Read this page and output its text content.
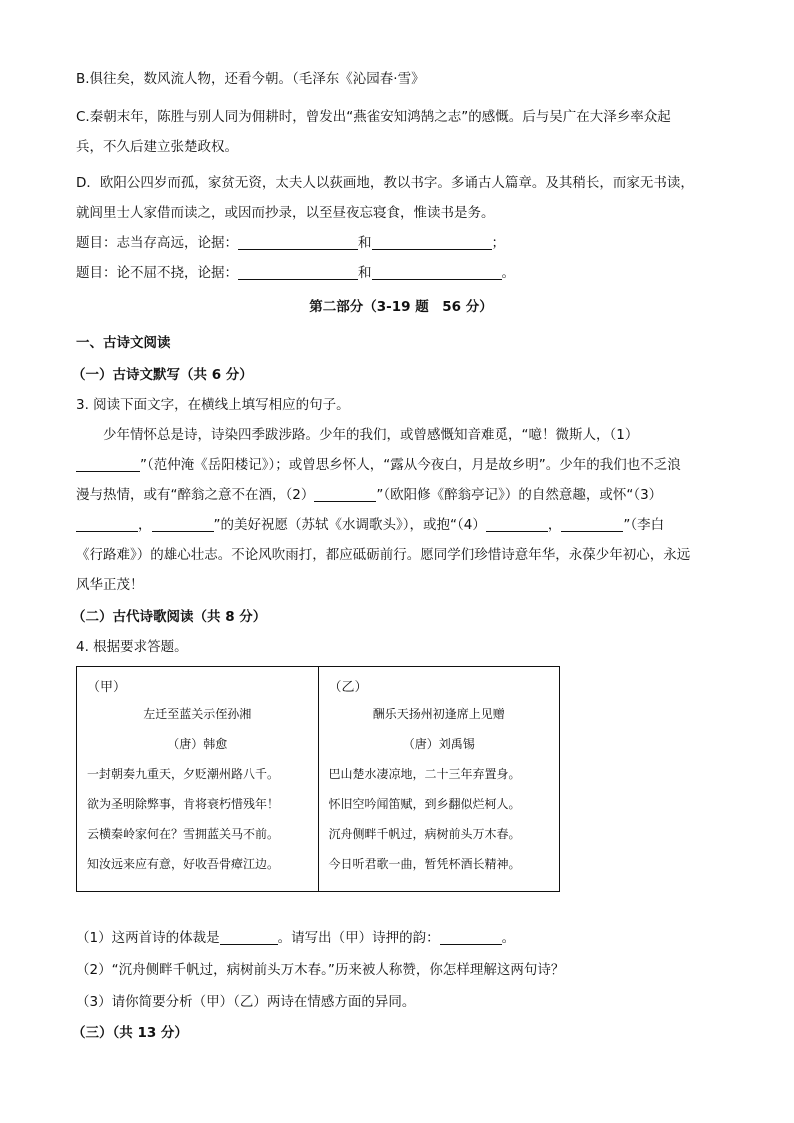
B.俱往矣，数风流人物，还看今朝。（毛泽东《沁园春·雪》

C.秦朝末年，陈胜与别人同为佣耕时，曾发出“燕雀安知鸿鹄之志”的感慨。后与吴广在大泽乡率众起

兵，不久后建立张楚政权。

D．欧阳公四岁而孤，家贫无资，太夫人以荻画地，教以书字。多诵古人篇章。及其稍长，而家无书读，

就闾里士人家借而读之，或因而抄录，以至昼夜忘寝食，惟读书是务。

题目：志当存高远，论据：	和	；

题目：论不屈不挠，论据：	和	。

第二部分（3-19 题　56 分）

一、古诗文阅读

（一）古诗文默写（共 6 分）

3. 阅读下面文字，在横线上填写相应的句子。

少年情怀总是诗，诗染四季跋涉路。少年的我们，或曾感慨知音难觅，“噫！微斯人，（1）

”（范仲淹《岳阳楼记》）；或曾思乡怀人，“露从今夜白，月是故乡明”。少年的我们也不乏浪

漫与热情，或有“醉翁之意不在酒，（2）	”（欧阳修《醉翁亭记》）的自然意趣，或怀“（3）

，	”的美好祝愿（苏轼《水调歌头》），或抱“（4）	，	”（李白

《行路难》）的雄心壮志。不论风吹雨打，都应砥砺前行。愿同学们珍惜诗意年华，永葆少年初心，永远

风华正茂！

（二）古代诗歌阅读（共 8 分）

4. 根据要求答题。

（甲）
左迁至蓝关示侄孙湘
（唐）韩愈
一封朝奏九重天，夕贬潮州路八千。
欲为圣明除弊事，肯将衰朽惜残年！
云横秦岭家何在？雪拥蓝关马不前。
知汝远来应有意，好收吾骨瘴江边。

（乙）
酬乐天扬州初逢席上见赠
（唐）刘禹锡
巴山楚水凄凉地，二十三年弃置身。
怀旧空吟闻笛赋，到乡翻似烂柯人。
沉舟侧畔千帆过，病树前头万木春。
今日听君歌一曲，暂凭杯酒长精神。

（1）这两首诗的体裁是	。请写出（甲）诗押的韵：	。

（2）“沉舟侧畔千帆过，病树前头万木春。”历来被人称赞，你怎样理解这两句诗？

（3）请你简要分析（甲）（乙）两诗在情感方面的异同。

（三）（共 13 分）
